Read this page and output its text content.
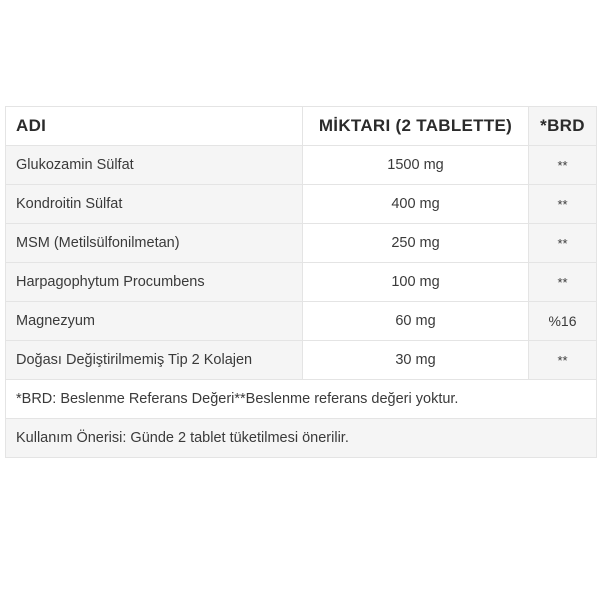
ADI	MİKTARI (2 TABLETTE)	*BRD
Glukozamin Sülfat	1500 mg	**
Kondroitin Sülfat	400 mg	**
MSM (Metilsülfonilmetan)	250 mg	**
Harpagophytum Procumbens	100 mg	**
Magnezyum	60 mg	%16
Doğası Değiştirilmemiş Tip 2 Kolajen	30 mg	**
*BRD: Beslenme Referans Değeri**Beslenme referans değeri yoktur.		
Kullanım Önerisi: Günde 2 tablet tüketilmesi önerilir.		
